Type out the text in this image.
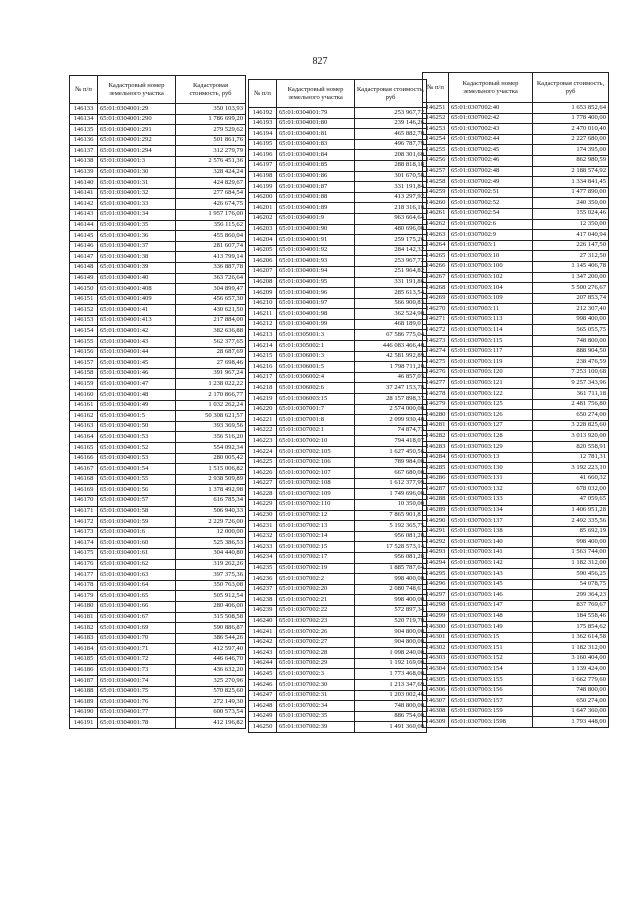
827
№ п/п	Кадастровый номер земельного участка	Кадастровая стоимость, руб
146133	65:01:0304001:29	350 103,93
146134	65:01:0304001:290	1 786 699,20
146135	65:01:0304001:291	279 529,62
146136	65:01:0304001:292	501 861,76
146137	65:01:0304001:294	312 279,79
146138	65:01:0304001:3	2 576 451,36
146139	65:01:0304001:30	328 424,24
146140	65:01:0304001:31	424 829,67
146141	65:01:0304001:32	277 684,54
146142	65:01:0304001:33	426 674,75
146143	65:01:0304001:34	1 957 176,00
146144	65:01:0304001:35	356 115,62
146145	65:01:0304001:36	455 860,04
146146	65:01:0304001:37	281 607,74
146147	65:01:0304001:38	413 799,14
146148	65:01:0304001:39	336 887,78
146149	65:01:0304001:40	363 726,64
146150	65:01:0304001:408	304 899,47
146151	65:01:0304001:409	456 657,30
146152	65:01:0304001:41	430 621,50
146153	65:01:0304001:413	217 884,00
146154	65:01:0304001:42	382 636,88
146155	65:01:0304001:43	562 377,65
146156	65:01:0304001:44	28 687,69
146157	65:01:0304001:45	27 698,46
146158	65:01:0304001:46	391 967,24
146159	65:01:0304001:47	1 238 022,22
146160	65:01:0304001:48	2 170 866,77
146161	65:01:0304001:49	1 032 262,24
146162	65:01:0304001:5	50 308 621,57
146163	65:01:0304001:50	393 369,56
146164	65:01:0304001:53	356 516,20
146165	65:01:0304001:52	554 092,34
146166	65:01:0304001:53	280 005,42
146167	65:01:0304001:54	1 515 006,82
146168	65:01:0304001:55	2 938 509,89
146169	65:01:0304001:56	1 378 492,98
146170	65:01:0304001:57	616 785,34
146171	65:01:0304001:58	506 940,33
146172	65:01:0304001:59	2 229 726,00
146173	65:01:0304001:6	12 000,00
146174	65:01:0304001:60	525 386,53
146175	65:01:0304001:61	304 440,80
146176	65:01:0304001:62	319 262,26
146177	65:01:0304001:63	397 375,36
146178	65:01:0304001:64	350 763,08
146179	65:01:0304001:65	505 912,54
146180	65:01:0304001:66	280 406,00
146181	65:01:0304001:67	315 508,58
146182	65:01:0304001:69	590 886,87
146183	65:01:0304001:70	386 544,26
146184	65:01:0304001:71	412 597,40
146185	65:01:0304001:72	446 646,70
146186	65:01:0304001:73	436 632,20
146187	65:01:0304001:74	325 270,96
146188	65:01:0304001:75	570 825,60
146189	65:01:0304001:76	272 149,30
146190	65:01:0304001:77	600 573,54
146191	65:01:0304001:78	412 196,82
№ п/п	Кадастровый номер земельного участка	Кадастровая стоимость, руб
146192	65:01:0304001:79	253 967,72
146193	65:01:0304001:80	239 146,26
146194	65:01:0304001:81	465 882,70
146195	65:01:0304001:83	496 787,79
146196	65:01:0304001:84	208 301,60
146197	65:01:0304001:85	288 818,18
146198	65:01:0304001:86	301 670,58
146199	65:01:0304001:87	331 191,84
146200	65:01:0304001:88	413 297,92
146201	65:01:0304001:89	218 316,10
146202	65:01:0304001:9	963 664,64
146203	65:01:0304001:90	480 696,00
146204	65:01:0304001:91	259 175,26
146205	65:01:0304001:92	284 142,32
146206	65:01:0304001:93	253 967,72
146207	65:01:0304001:94	251 964,82
146208	65:01:0304001:95	331 191,86
146209	65:01:0304001:96	285 613,54
146210	65:01:0304001:97	566 900,83
146211	65:01:0304001:98	362 524,90
146212	65:01:0304001:99	468 189,01
146213	65:01:0305001:3	67 586 775,04
146214	65:01:0305002:1	446 083 466,40
146215	65:01:0306001:3	42 581 992,89
146216	65:01:0306001:5	1 798 711,20
146217	65:01:0306002:4	46 857,03
146218	65:01:0306002:6	37 247 153,78
146219	65:01:0306003:15	28 157 898,37
146220	65:01:0307001:7	2 574 000,00
146221	65:01:0307001:8	2 099 930,40
146222	65:01:0307002:1	74 874,73
146223	65:01:0307002:10	794 418,07
146224	65:01:0307002:105	1 627 450,56
146225	65:01:0307002:106	789 984,00
146226	65:01:0307002:107	667 680,00
146227	65:01:0307002:108	1 612 377,99
146228	65:01:0307002:109	1 749 696,00
146229	65:01:0307002:110	10 350,00
146230	65:01:0307002:12	7 865 901,81
146231	65:01:0307002:13	5 192 365,75
146232	65:01:0307002:14	956 081,28
146233	65:01:0307002:15	17 528 573,14
146234	65:01:0307002:17	956 081,28
146235	65:01:0307002:19	1 885 787,64
146236	65:01:0307002:2	998 400,00
146237	65:01:0307002:20	2 080 748,61
146238	65:01:0307002:21	998 400,00
146239	65:01:0307002:22	572 897,34
146240	65:01:0307002:23	520 719,70
146241	65:01:0307002:26	904 800,00
146242	65:01:0307002:27	904 800,00
146243	65:01:0307002:28	1 098 240,00
146244	65:01:0307002:29	1 192 169,00
146245	65:01:0307002:3	1 773 468,00
146246	65:01:0307002:30	1 213 347,69
146247	65:01:0307002:31	1 203 002,46
146248	65:01:0307002:34	748 800,00
146249	65:01:0307002:35	886 754,00
146250	65:01:0307002:39	1 491 360,00
№ п/п	Кадастровый номер земельного участка	Кадастровая стоимость, руб
146251	65:01:0307002:40	1 653 852,64
146252	65:01:0307002:42	1 778 400,00
146253	65:01:0307002:43	2 470 010,40
146254	65:01:0307002:44	2 227 680,00
146255	65:01:0307002:45	174 395,00
146256	65:01:0307002:46	862 980,59
146257	65:01:0307002:48	2 188 574,92
146258	65:01:0307002:49	1 334 841,45
146259	65:01:0307002:51	1 477 890,00
146260	65:01:0307002:52	240 350,00
146261	65:01:0307002:54	155 024,46
146262	65:01:0307002:6	12 350,00
146263	65:01:0307002:9	417 040,94
146264	65:01:0307003:1	226 147,50
146265	65:01:0307003:10	27 312,50
146266	65:01:0307003:100	1 145 406,78
146267	65:01:0307003:102	1 347 200,00
146268	65:01:0307003:104	5 500 276,67
146269	65:01:0307003:109	207 853,74
146270	65:01:0307003:11	212 307,40
146271	65:01:0307003:113	998 400,00
146272	65:01:0307003:114	565 055,75
146273	65:01:0307003:115	748 800,00
146274	65:01:0307003:117	888 904,50
146275	65:01:0307003:119	238 476,59
146276	65:01:0307003:120	7 253 100,68
146277	65:01:0307003:121	9 257 343,96
146278	65:01:0307003:122	361 711,18
146279	65:01:0307003:125	2 481 756,80
146280	65:01:0307003:126	650 274,00
146281	65:01:0307003:127	3 228 825,60
146282	65:01:0307003:128	3 013 920,00
146283	65:01:0307003:129	820 558,91
146284	65:01:0307003:13	12 781,31
146285	65:01:0307003:130	3 192 223,10
146286	65:01:0307003:131	41 660,32
146287	65:01:0307003:132	678 032,00
146288	65:01:0307003:133	47 059,65
146289	65:01:0307003:134	1 406 951,28
146290	65:01:0307003:137	2 492 335,56
146291	65:01:0307003:138	85 692,19
146292	65:01:0307003:140	998 400,00
146293	65:01:0307003:141	1 563 744,00
146294	65:01:0307003:142	1 182 312,00
146295	65:01:0307003:143	590 456,25
146296	65:01:0307003:145	54 078,75
146297	65:01:0307003:146	299 364,23
146298	65:01:0307003:147	837 769,67
146299	65:01:0307003:148	184 558,46
146300	65:01:0307003:149	175 854,62
146301	65:01:0307003:15	1 362 614,58
146302	65:01:0307003:151	1 182 312,00
146303	65:01:0307003:152	3 160 404,00
146304	65:01:0307003:154	1 139 424,00
146305	65:01:0307003:155	1 662 779,60
146306	65:01:0307003:156	748 800,00
146307	65:01:0307003:157	650 274,00
146308	65:01:0307003:159	1 647 360,00
146309	65:01:0307003:1598	1 793 448,00
